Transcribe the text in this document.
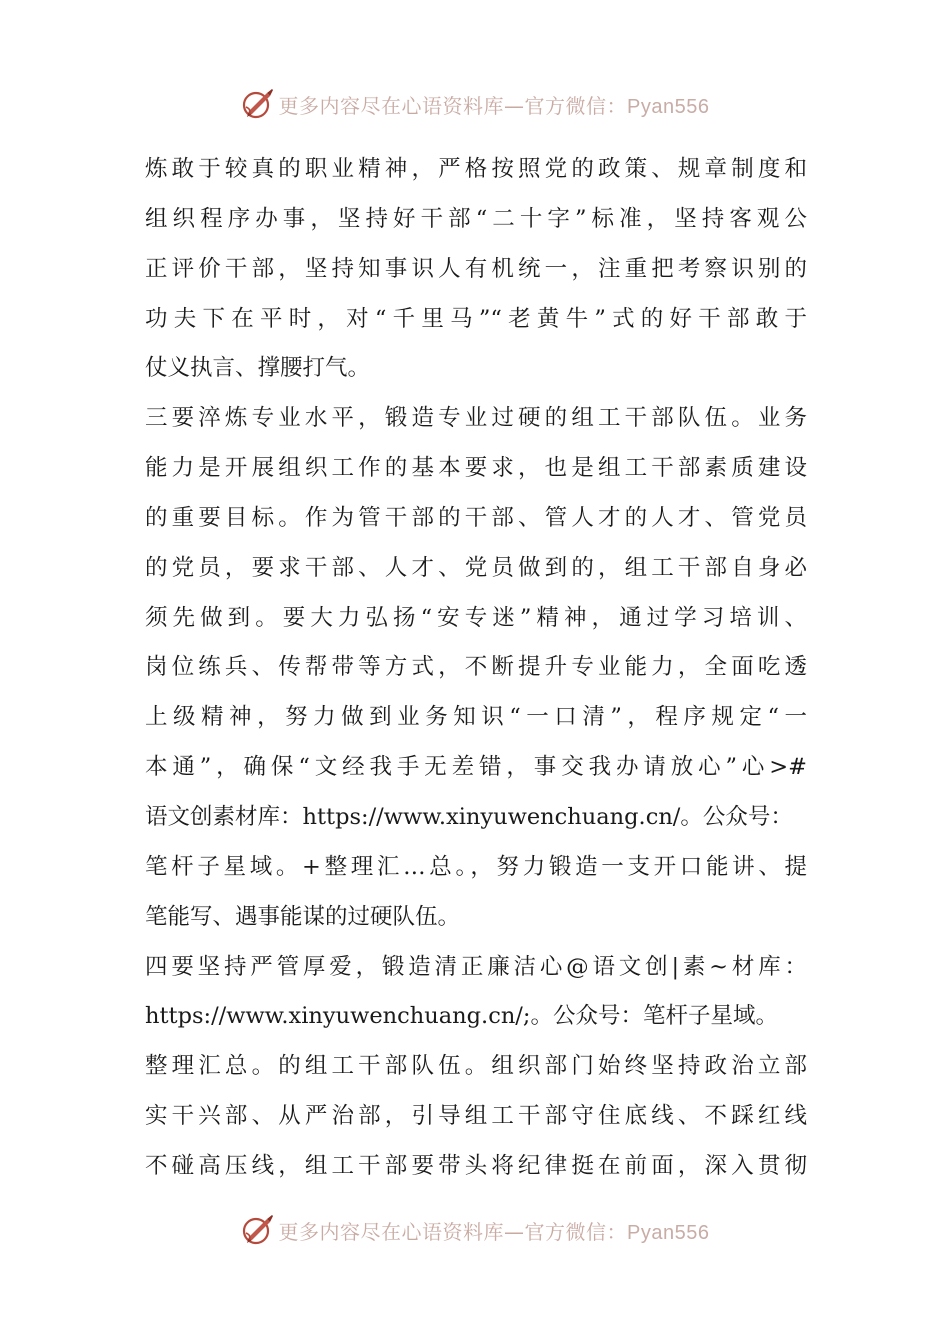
更多内容尽在心语资料库—官方微信：Pyan556
炼敢于较真的职业精神，严格按照党的政策、规章制度和
组织程序办事，坚持好干部“二十字”标准，坚持客观公
正评价干部，坚持知事识人有机统一，注重把考察识别的
功夫下在平时，对“千里马”“老黄牛”式的好干部敢于
仗义执言、撑腰打气。
三要淬炼专业水平，锻造专业过硬的组工干部队伍。业务
能力是开展组织工作的基本要求，也是组工干部素质建设
的重要目标。作为管干部的干部、管人才的人才、管党员
的党员，要求干部、人才、党员做到的，组工干部自身必
须先做到。要大力弘扬“安专迷”精神，通过学习培训、
岗位练兵、传帮带等方式，不断提升专业能力，全面吃透
上级精神，努力做到业务知识“一口清”，程序规定“一
本通”，确保“文经我手无差错，事交我办请放心”心>#
语文创素材库：https://www.xinyuwenchuang.cn/。公众号：
笔杆子星域。+整理汇…总。，努力锻造一支开口能讲、提
笔能写、遇事能谋的过硬队伍。
四要坚持严管厚爱，锻造清正廉洁心@语文创|素~材库：
https://www.xinyuwenchuang.cn/;。公众号：笔杆子星域。
整理汇总。的组工干部队伍。组织部门始终坚持政治立部
实干兴部、从严治部，引导组工干部守住底线、不踩红线
不碰高压线，组工干部要带头将纪律挺在前面，深入贯彻
更多内容尽在心语资料库—官方微信：Pyan556
